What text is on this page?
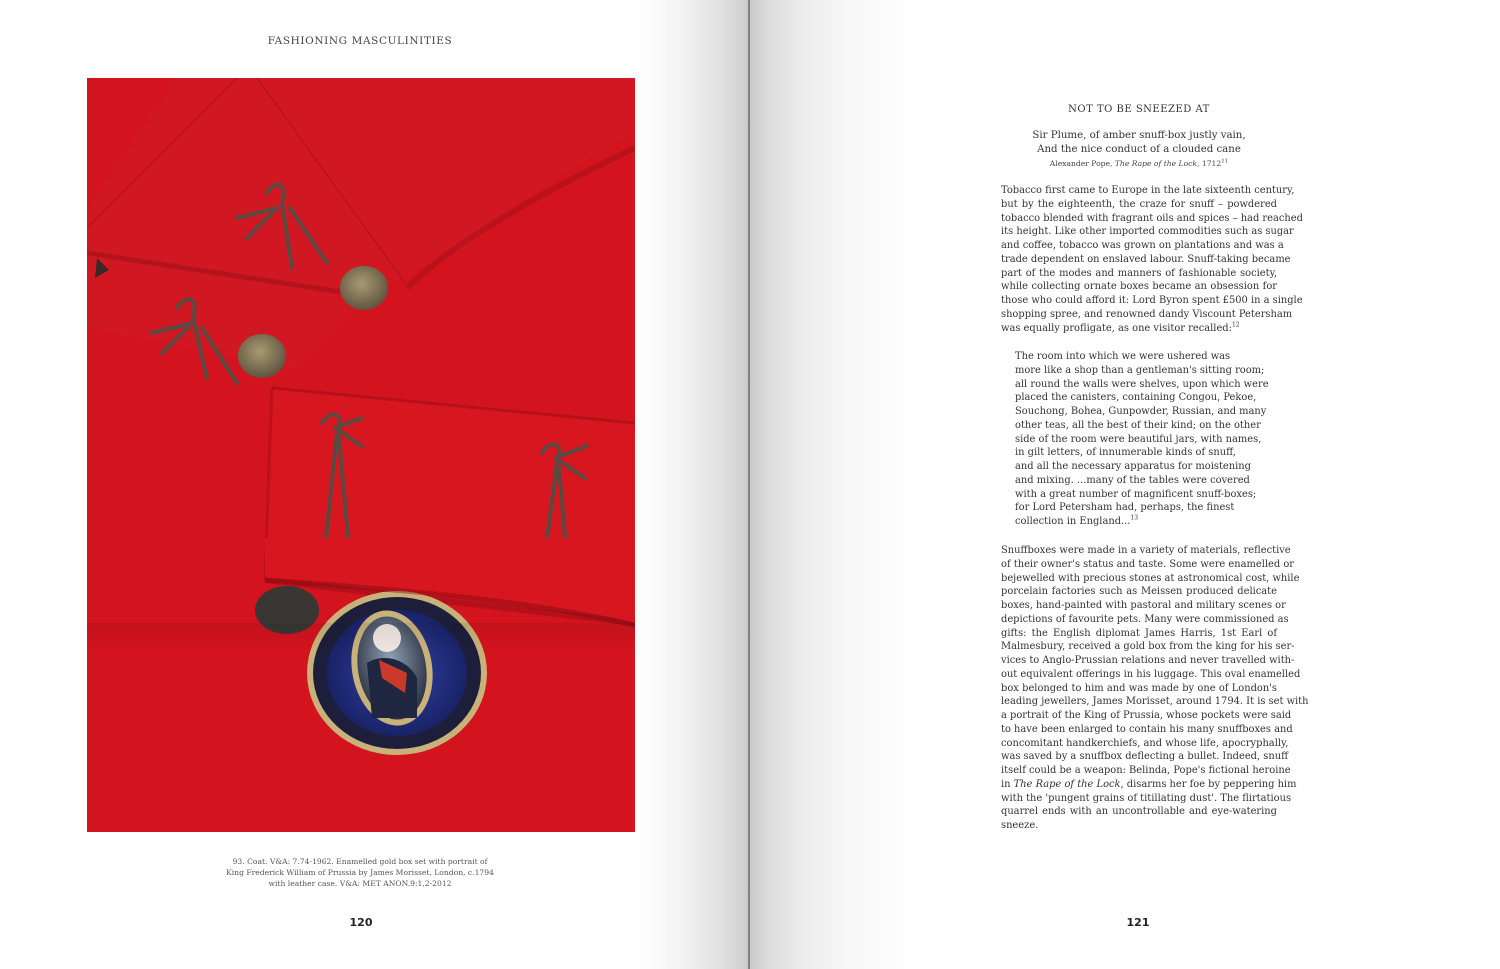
FASHIONING MASCULINITIES
93. Coat. V&A: 7.74-1962. Enamelled gold box set with portrait of
King Frederick William of Prussia by James Morisset, London, c.1794
with leather case. V&A: MET ANON.9:1,2-2012
120
NOT TO BE SNEEZED AT
Sir Plume, of amber snuff-box justly vain,
And the nice conduct of a clouded cane
Alexander Pope, The Rape of the Lock, 1712$^{11}$
Tobacco first came to Europe in the late sixteenth century,
but by the eighteenth, the craze for snuff – powdered
tobacco blended with fragrant oils and spices – had reached
its height. Like other imported commodities such as sugar
and coffee, tobacco was grown on plantations and was a
trade dependent on enslaved labour. Snuff-taking became
part of the modes and manners of fashionable society,
while collecting ornate boxes became an obsession for
those who could afford it: Lord Byron spent £500 in a single
shopping spree, and renowned dandy Viscount Petersham
was equally profligate, as one visitor recalled:$^{12}$
The room into which we were ushered was
more like a shop than a gentleman's sitting room;
all round the walls were shelves, upon which were
placed the canisters, containing Congou, Pekoe,
Souchong, Bohea, Gunpowder, Russian, and many
other teas, all the best of their kind; on the other
side of the room were beautiful jars, with names,
in gilt letters, of innumerable kinds of snuff,
and all the necessary apparatus for moistening
and mixing. ...many of the tables were covered
with a great number of magnificent snuff-boxes;
for Lord Petersham had, perhaps, the finest
collection in England...$^{13}$
Snuffboxes were made in a variety of materials, reflective
of their owner's status and taste. Some were enamelled or
bejewelled with precious stones at astronomical cost, while
porcelain factories such as Meissen produced delicate
boxes, hand-painted with pastoral and military scenes or
depictions of favourite pets. Many were commissioned as
gifts: the English diplomat James Harris, 1st Earl of
Malmesbury, received a gold box from the king for his ser-
vices to Anglo-Prussian relations and never travelled with-
out equivalent offerings in his luggage. This oval enamelled
box belonged to him and was made by one of London's
leading jewellers, James Morisset, around 1794. It is set with
a portrait of the King of Prussia, whose pockets were said
to have been enlarged to contain his many snuffboxes and
concomitant handkerchiefs, and whose life, apocryphally,
was saved by a snuffbox deflecting a bullet. Indeed, snuff
itself could be a weapon: Belinda, Pope's fictional heroine
in The Rape of the Lock, disarms her foe by peppering him
with the 'pungent grains of titillating dust'. The flirtatious
quarrel ends with an uncontrollable and eye-watering
sneeze.
121
